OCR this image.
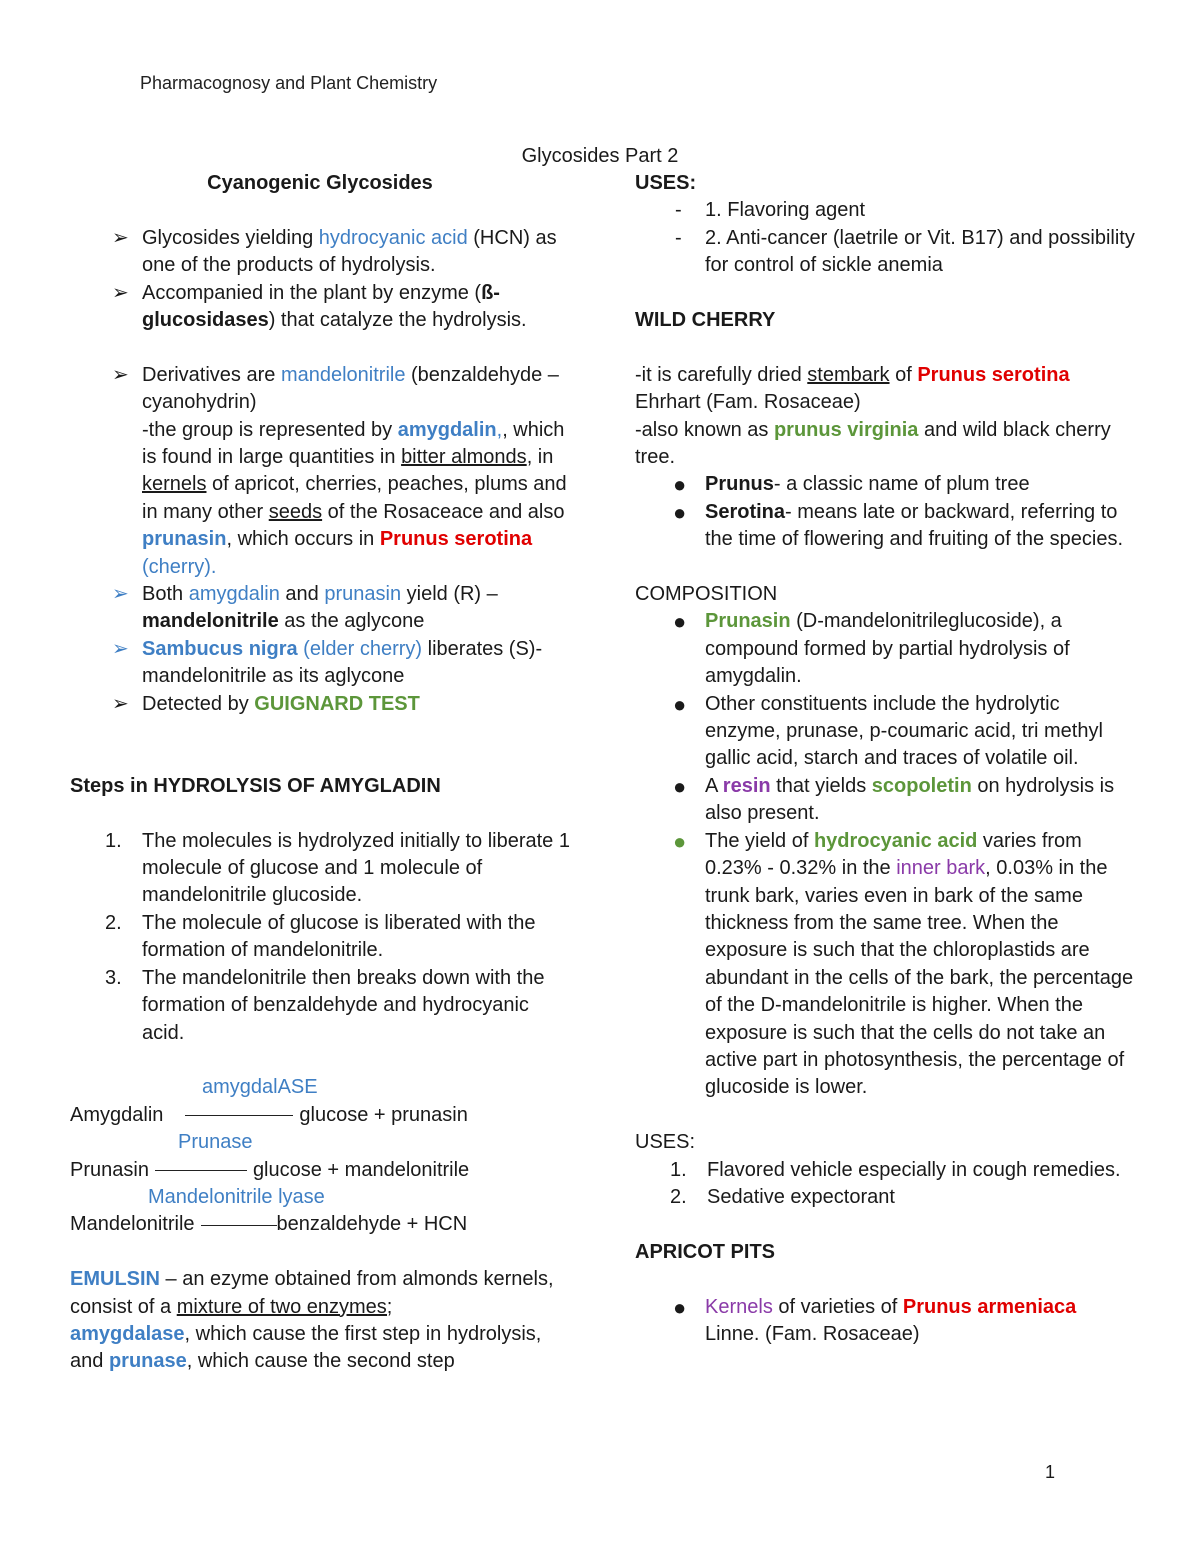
Pharmacognosy and Plant Chemistry
Glycosides Part 2
Cyanogenic Glycosides
➢ Glycosides yielding hydrocyanic acid (HCN) as one of the products of hydrolysis.
➢ Accompanied in the plant by enzyme (ß-glucosidases) that catalyze the hydrolysis.
➢ Derivatives are mandelonitrile (benzaldehyde – cyanohydrin)
-the group is represented by amygdalin,, which is found in large quantities in bitter almonds, in kernels of apricot, cherries, peaches, plums and in many other seeds of the Rosaceace and also prunasin, which occurs in Prunus serotina (cherry).
➢ Both amygdalin and prunasin yield (R) – mandelonitrile as the aglycone
➢ Sambucus nigra (elder cherry) liberates (S)-mandelonitrile as its aglycone
➢ Detected by GUIGNARD TEST
Steps in HYDROLYSIS OF AMYGLADIN
1. The molecules is hydrolyzed initially to liberate 1 molecule of glucose and 1 molecule of mandelonitrile glucoside.
2. The molecule of glucose is liberated with the formation of mandelonitrile.
3. The mandelonitrile then breaks down with the formation of benzaldehyde and hydrocyanic acid.
amygdalASE
Amygdalin	glucose + prunasin
Prunase
Prunasin	glucose + mandelonitrile
Mandelonitrile lyase
Mandelonitrile	benzaldehyde + HCN
EMULSIN – an ezyme obtained from almonds kernels, consist of a mixture of two enzymes;
amygdalase, which cause the first step in hydrolysis, and prunase, which cause the second step
USES:
- 1. Flavoring agent
- 2. Anti-cancer (laetrile or Vit. B17) and possibility for control of sickle anemia
WILD CHERRY
-it is carefully dried stembark of Prunus serotina Ehrhart (Fam. Rosaceae)
-also known as prunus virginia and wild black cherry tree.
● Prunus- a classic name of plum tree
● Serotina- means late or backward, referring to the time of flowering and fruiting of the species.
COMPOSITION
● Prunasin (D-mandelonitrileglucoside), a compound formed by partial hydrolysis of amygdalin.
● Other constituents include the hydrolytic enzyme, prunase, p-coumaric acid, tri methyl gallic acid, starch and traces of volatile oil.
● A resin that yields scopoletin on hydrolysis is also present.
● The yield of hydrocyanic acid varies from 0.23% - 0.32% in the inner bark, 0.03% in the trunk bark, varies even in bark of the same thickness from the same tree. When the exposure is such that the chloroplastids are abundant in the cells of the bark, the percentage of the D-mandelonitrile is higher. When the exposure is such that the cells do not take an active part in photosynthesis, the percentage of glucoside is lower.
USES:
1. Flavored vehicle especially in cough remedies.
2. Sedative expectorant
APRICOT PITS
● Kernels of varieties of Prunus armeniaca Linne. (Fam. Rosaceae)
1
